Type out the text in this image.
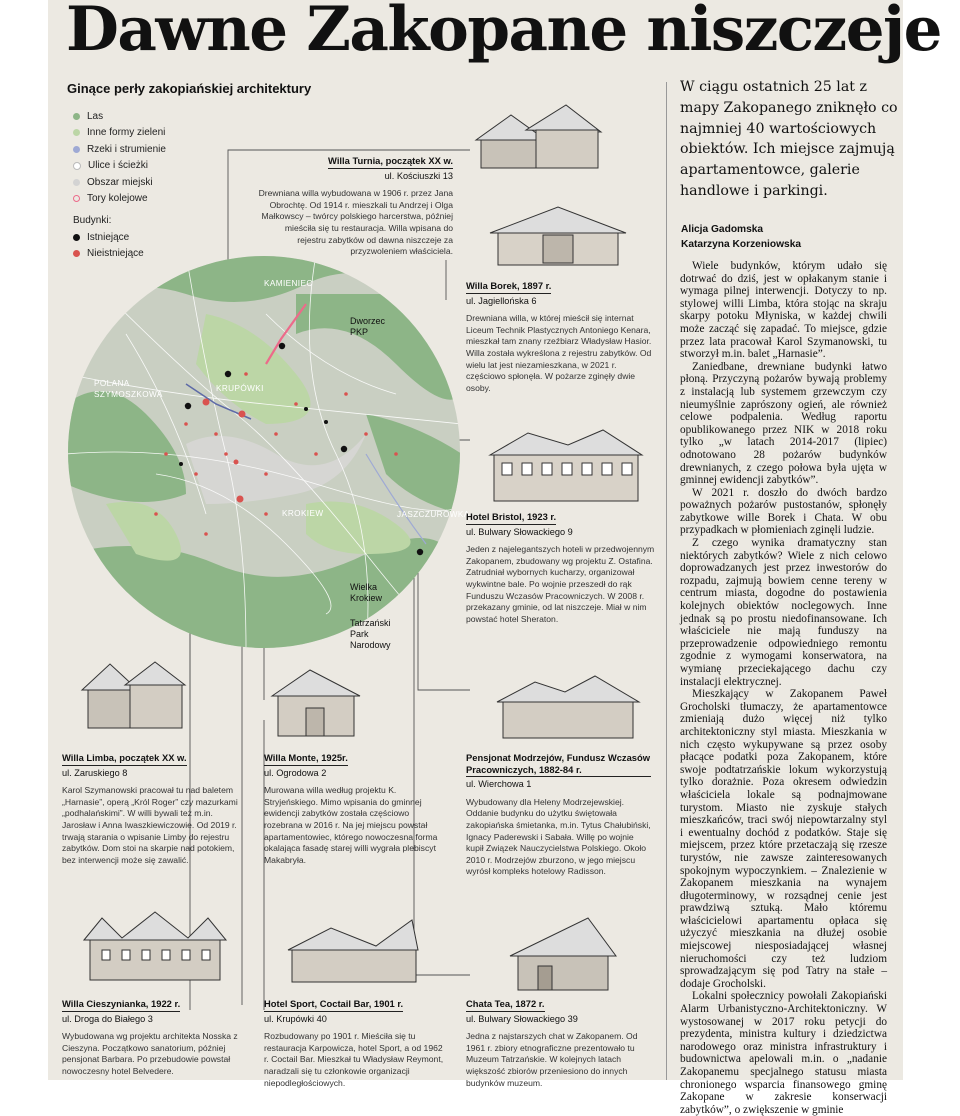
Dawne Zakopane niszczeje
Ginące perły zakopiańskiej architektury
Las
Inne formy zieleni
Rzeki i strumienie
Ulice i ścieżki
Obszar miejski
Tory kolejowe
Budynki:
Istniejące
Nieistniejące
KAMIENIEC
POLANA SZYMOSZKOWA
KRUPÓWKI
KROKIEW	JASZCZURÓWKA
Dworzec PKP
Wielka Krokiew
Tatrzański Park Narodowy
Willa Turnia, początek XX w.
ul. Kościuszki 13
Drewniana willa wybudowana w 1906 r. przez Jana Obrochtę. Od 1914 r. mieszkali tu Andrzej i Olga Małkowscy – twórcy polskiego harcerstwa, później mieściła się tu restauracja. Willa wpisana do rejestru zabytków od dawna niszczeje za przyzwoleniem właściciela.
Willa Borek, 1897 r.
ul. Jagiellońska 6
Drewniana willa, w której mieścił się internat Liceum Technik Plastycznych Antoniego Kenara, mieszkał tam znany rzeźbiarz Władysław Hasior. Willa została wykreślona z rejestru zabytków. Od wielu lat jest niezamieszkana, w 2021 r. częściowo spłonęła. W pożarze zginęły dwie osoby.
Hotel Bristol, 1923 r.
ul. Bulwary Słowackiego 9
Jeden z najelegantszych hoteli w przedwojennym Zakopanem, zbudowany wg projektu Z. Ostafina. Zatrudniał wybornych kucharzy, organizował wykwintne bale. Po wojnie przeszedł do rąk Funduszu Wczasów Pracowniczych. W 2008 r. przekazany gminie, od lat niszczeje. Miał w nim powstać hotel Sheraton.
Willa Limba, początek XX w.
ul. Zaruskiego 8
Karol Szymanowski pracował tu nad baletem „Harnasie”, operą „Król Roger” czy mazurkami „podhalańskimi”. W willi bywali też m.in. Jarosław i Anna Iwaszkiewiczowie. Od 2019 r. trwają starania o wpisanie Limby do rejestru zabytków. Dom stoi na skarpie nad potokiem, bez interwencji może się zawalić.
Willa Monte, 1925r.
ul. Ogrodowa 2
Murowana willa według projektu K. Stryjeńskiego. Mimo wpisania do gminnej ewidencji zabytków została częściowo rozebrana w 2016 r. Na jej miejscu powstał apartamentowiec, którego nowoczesna forma okalająca fasadę starej willi wygrała plebiscyt Makabryła.
Pensjonat Modrzejów, Fundusz Wczasów Pracowniczych, 1882-84 r.
ul. Wierchowa 1
Wybudowany dla Heleny Modrzejewskiej. Oddanie budynku do użytku świętowała zakopiańska śmietanka, m.in. Tytus Chałubiński, Ignacy Paderewski i Sabała. Willę po wojnie kupił Związek Nauczycielstwa Polskiego. Około 2010 r. Modrzejów zburzono, w jego miejscu wyrósł kompleks hotelowy Radisson.
Willa Cieszynianka, 1922 r.
ul. Droga do Białego 3
Wybudowana wg projektu architekta Nosska z Cieszyna. Początkowo sanatorium, później pensjonat Barbara. Po przebudowie powstał nowoczesny hotel Belvedere.
Hotel Sport, Coctail Bar, 1901 r.
ul. Krupówki 40
Rozbudowany po 1901 r. Mieściła się tu restauracja Karpowicza, hotel Sport, a od 1962 r. Coctail Bar. Mieszkał tu Władysław Reymont, naradzali się tu członkowie organizacji niepodległościowych.
Chata Tea, 1872 r.
ul. Bulwary Słowackiego 39
Jedna z najstarszych chat w Zakopanem. Od 1961 r. zbiory etnograficzne prezentowało tu Muzeum Tatrzańskie. W kolejnych latach większość zbiorów przeniesiono do innych budynków muzeum.
W ciągu ostatnich 25 lat z mapy Zakopanego zniknęło co najmniej 40 wartościowych obiektów. Ich miejsce zajmują apartamentowce, galerie handlowe i parkingi.
Alicja Gadomska
Katarzyna Korzeniowska

Wiele budynków, którym udało się dotrwać do dziś, jest w opłakanym stanie i wymaga pilnej interwencji. Dotyczy to np. stylowej willi Limba, która stojąc na skraju skarpy potoku Młyniska, w każdej chwili może zacząć się zapadać. To miejsce, gdzie przez lata pracował Karol Szymanowski, tu stworzył m.in. balet „Harnasie”.

Zaniedbane, drewniane budynki łatwo płoną. Przyczyną pożarów bywają problemy z instalacją lub systemem grzewczym czy nieumyślnie zaprószony ogień, ale również celowe podpalenia. Według raportu opublikowanego przez NIK w 2018 roku tylko „w latach 2014-2017 (lipiec) odnotowano 28 pożarów budynków drewnianych, z czego połowa była ujęta w gminnej ewidencji zabytków”.

W 2021 r. doszło do dwóch bardzo poważnych pożarów pustostanów, spłonęły zabytkowe wille Borek i Chata. W obu przypadkach w płomieniach zginęli ludzie.

Z czego wynika dramatyczny stan niektórych zabytków? Wiele z nich celowo doprowadzanych jest przez inwestorów do rozpadu, zajmują bowiem cenne tereny w centrum miasta, dogodne do postawienia kolejnych obiektów noclegowych. Inne jednak są po prostu niedofinansowane. Ich właściciele nie mają funduszy na przeprowadzenie odpowiedniego remontu zgodnie z wymogami konserwatora, na wymianę przeciekającego dachu czy instalacji elektrycznej.

Mieszkający w Zakopanem Paweł Grocholski tłumaczy, że apartamentowce zmieniają dużo więcej niż tylko architektoniczny styl miasta. Mieszkania w nich często wykupywane są przez osoby płacące podatki poza Zakopanem, które swoje podtatrzańskie lokum wykorzystują tylko dorażnie. Poza okresem odwiedzin właściciela lokale są podnajmowane turystom. Miasto nie zyskuje stałych mieszkańców, traci swój niepowtarzalny styl i ewentualny dochód z podatków. Staje się miejscem, przez które przetaczają się rzesze turystów, nie zawsze zainteresowanych spokojnym wypoczynkiem. – Znalezienie w Zakopanem mieszkania na wynajem długoterminowy, w rozsądnej cenie jest prawdziwą sztuką. Mało któremu właścicielowi apartamentu opłaca się użyczyć mieszkania na dłużej osobie miejscowej niesposiadającej własnej nieruchomości czy też ludziom sprowadzającym się pod Tatry na stałe – dodaje Grocholski.

Lokalni społecznicy powołali Zakopiański Alarm Urbanistyczno-Architektoniczny. W wystosowanej w 2017 roku petycji do prezydenta, ministra kultury i dziedzictwa narodowego oraz ministra infrastruktury i budownictwa apelowali m.in. o „nadanie Zakopanemu specjalnego statusu miasta chronionego wsparcia finansowego gminę Zakopane w zakresie konserwacji zabytków”, o zwiększenie w gminie
